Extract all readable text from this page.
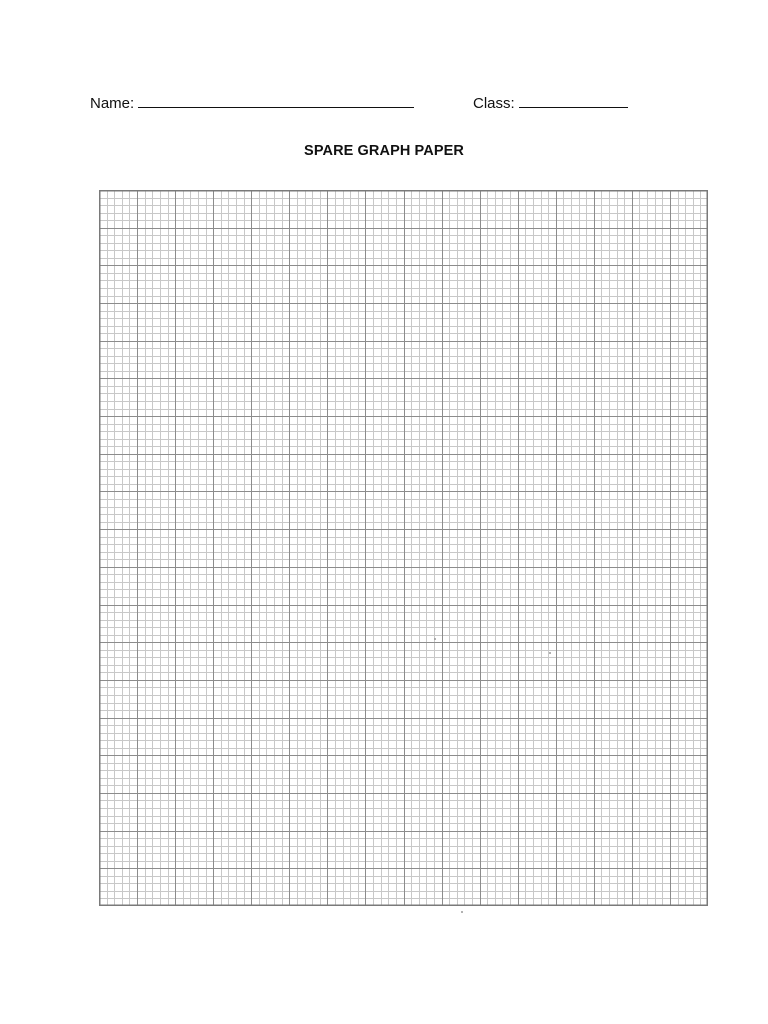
Name:	Class:
SPARE GRAPH PAPER
